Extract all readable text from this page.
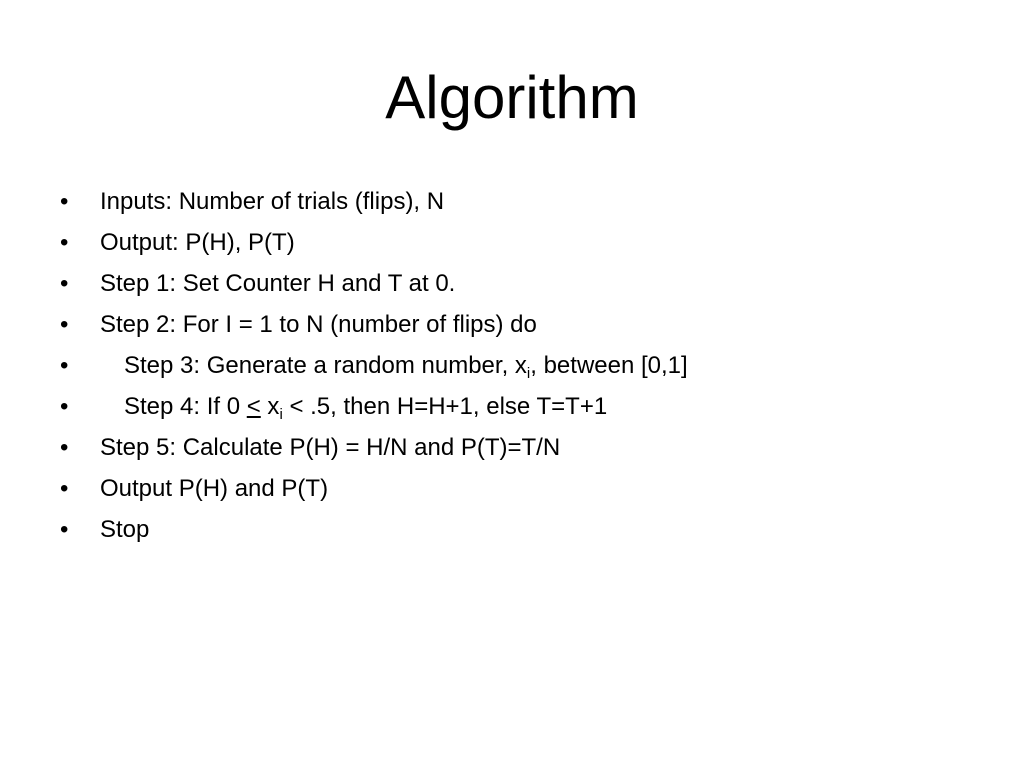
Algorithm
• Inputs: Number of trials (flips), N
• Output: P(H), P(T)
• Step 1: Set Counter H and T at 0.
• Step 2: For I = 1 to N (number of flips) do
• Step 3: Generate a random number, $x_i$, between [0,1]
• Step 4: If $0 \le x_i < .5$, then H=H+1, else T=T+1
• Step 5: Calculate P(H) = H/N and P(T)=T/N
• Output P(H) and P(T)
• Stop
